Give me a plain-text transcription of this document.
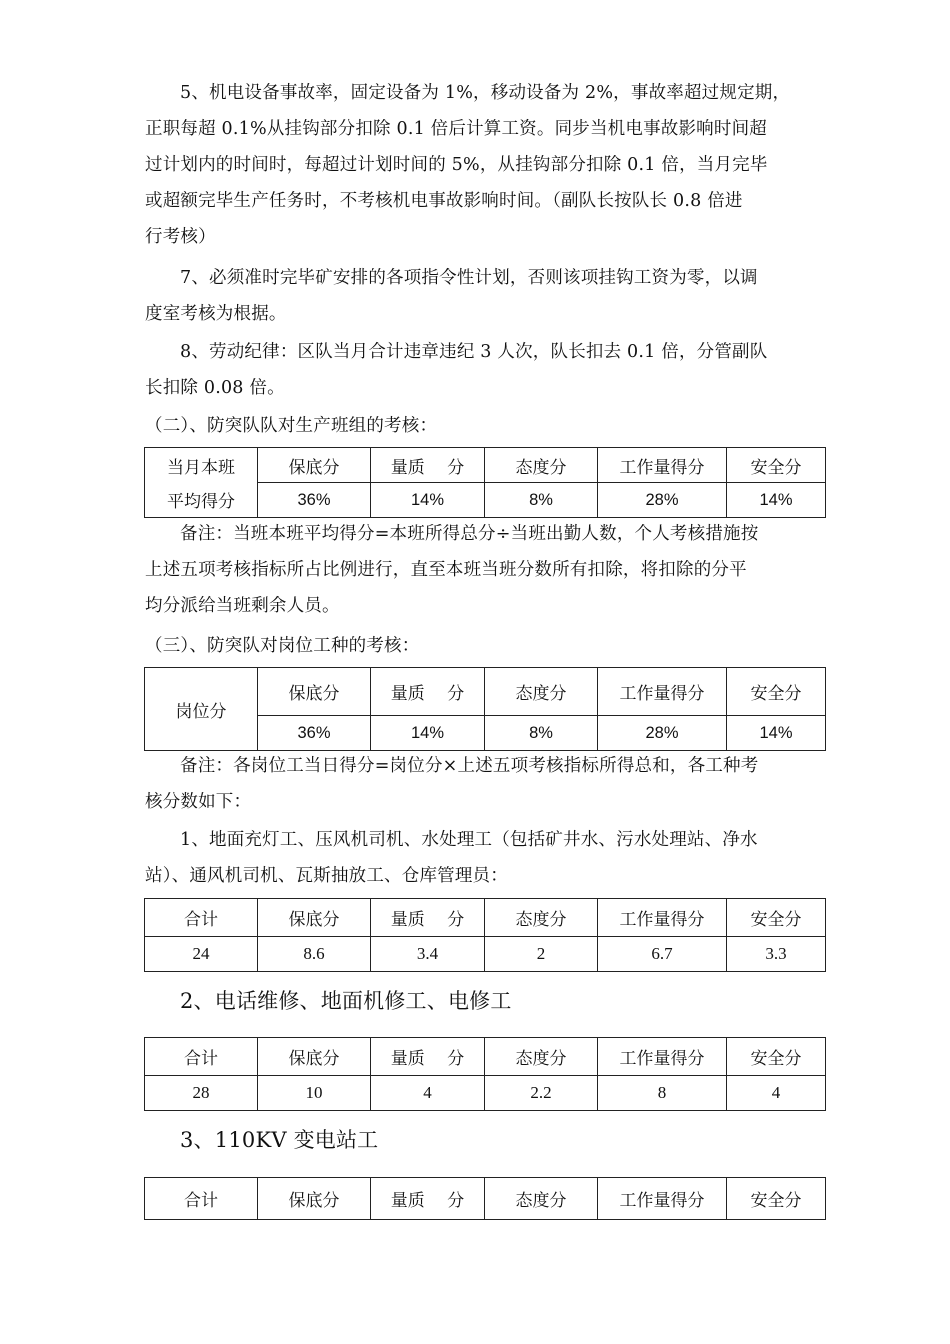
5、机电设备事故率，固定设备为 1%，移动设备为 2%，事故率超过规定期，
正职每超 0.1%从挂钩部分扣除 0.1 倍后计算工资。同步当机电事故影响时间超
过计划内的时间时，每超过计划时间的 5%，从挂钩部分扣除 0.1 倍，当月完毕
或超额完毕生产任务时，不考核机电事故影响时间。（副队长按队长 0.8 倍进
行考核）
7、必须准时完毕矿安排的各项指令性计划，否则该项挂钩工资为零，以调
度室考核为根据。
8、劳动纪律：区队当月合计违章违纪 3 人次，队长扣去 0.1 倍，分管副队
长扣除 0.08 倍。
（二）、防突队队对生产班组的考核：
当月本班	保底分	量质　 分	态度分	工作量得分	安全分
平均得分	36%	14%	8%	28%	14%
备注：当班本班平均得分=本班所得总分÷当班出勤人数，个人考核措施按
上述五项考核指标所占比例进行，直至本班当班分数所有扣除，将扣除的分平
均分派给当班剩余人员。
（三）、防突队对岗位工种的考核：
岗位分	保底分	量质　 分	态度分	工作量得分	安全分
	36%	14%	8%	28%	14%
备注：各岗位工当日得分=岗位分×上述五项考核指标所得总和，各工种考
核分数如下：
1、地面充灯工、压风机司机、水处理工（包括矿井水、污水处理站、净水
站）、通风机司机、瓦斯抽放工、仓库管理员：
合计	保底分	量质　 分	态度分	工作量得分	安全分
24	8.6	3.4	2	6.7	3.3
2、电话维修、地面机修工、电修工
合计	保底分	量质　 分	态度分	工作量得分	安全分
28	10	4	2.2	8	4
3、110KV 变电站工
合计	保底分	量质　 分	态度分	工作量得分	安全分
